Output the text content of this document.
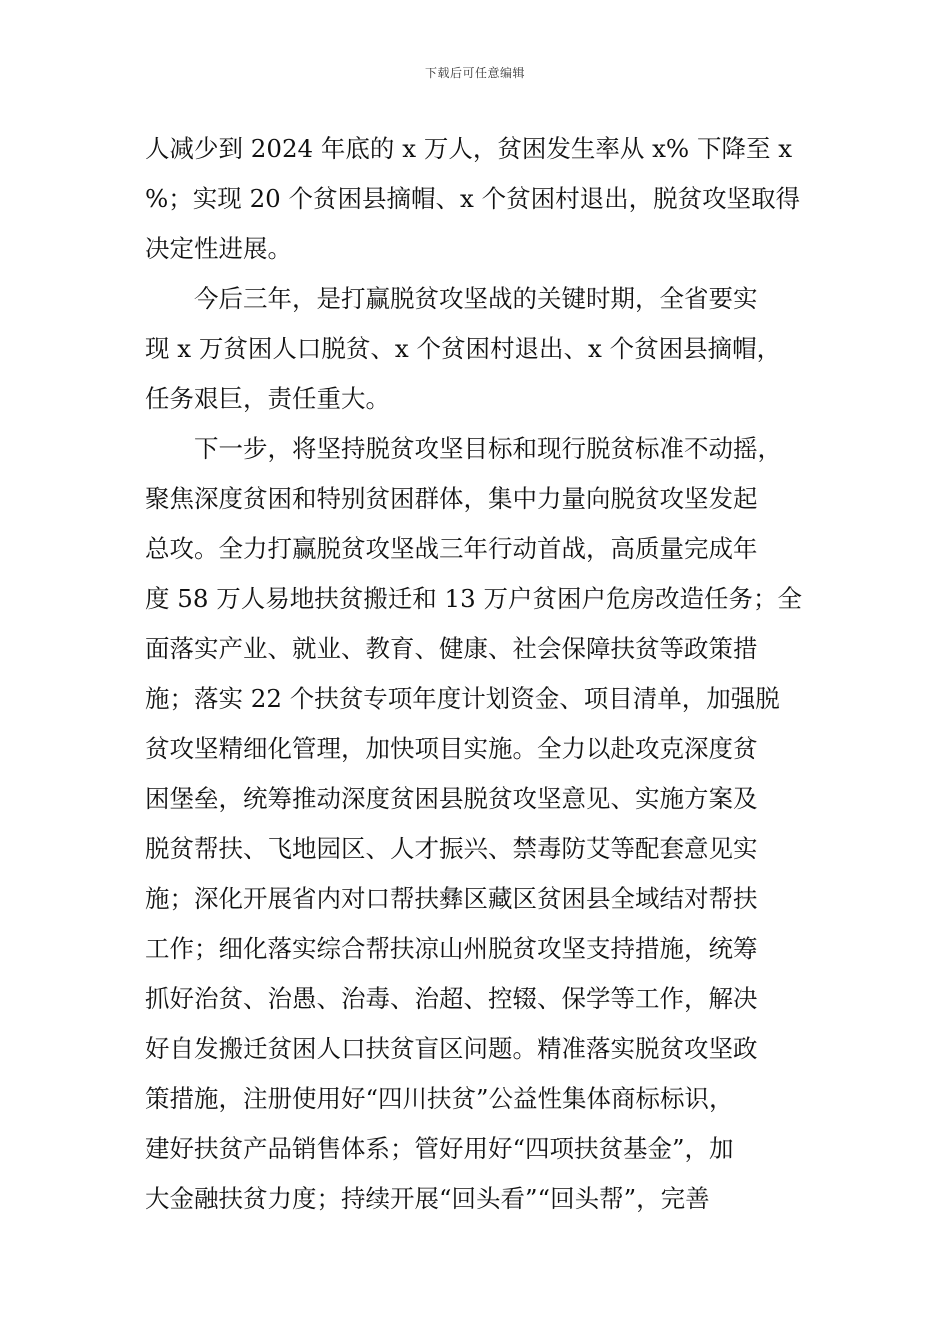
下载后可任意编辑
人减少到 2024 年底的 x 万人，贫困发生率从 x% 下降至 x
%；实现 20 个贫困县摘帽、x 个贫困村退出，脱贫攻坚取得
决定性进展。
　　今后三年，是打赢脱贫攻坚战的关键时期，全省要实
现 x 万贫困人口脱贫、x 个贫困村退出、x 个贫困县摘帽，
任务艰巨，责任重大。
　　下一步，将坚持脱贫攻坚目标和现行脱贫标准不动摇，
聚焦深度贫困和特别贫困群体，集中力量向脱贫攻坚发起
总攻。全力打赢脱贫攻坚战三年行动首战，高质量完成年
度 58 万人易地扶贫搬迁和 13 万户贫困户危房改造任务；全
面落实产业、就业、教育、健康、社会保障扶贫等政策措
施；落实 22 个扶贫专项年度计划资金、项目清单，加强脱
贫攻坚精细化管理，加快项目实施。全力以赴攻克深度贫
困堡垒，统筹推动深度贫困县脱贫攻坚意见、实施方案及
脱贫帮扶、飞地园区、人才振兴、禁毒防艾等配套意见实
施；深化开展省内对口帮扶彝区藏区贫困县全域结对帮扶
工作；细化落实综合帮扶凉山州脱贫攻坚支持措施，统筹
抓好治贫、治愚、治毒、治超、控辍、保学等工作，解决
好自发搬迁贫困人口扶贫盲区问题。精准落实脱贫攻坚政
策措施，注册使用好“四川扶贫”公益性集体商标标识，
建好扶贫产品销售体系；管好用好“四项扶贫基金”，加
大金融扶贫力度；持续开展“回头看”“回头帮”，完善
